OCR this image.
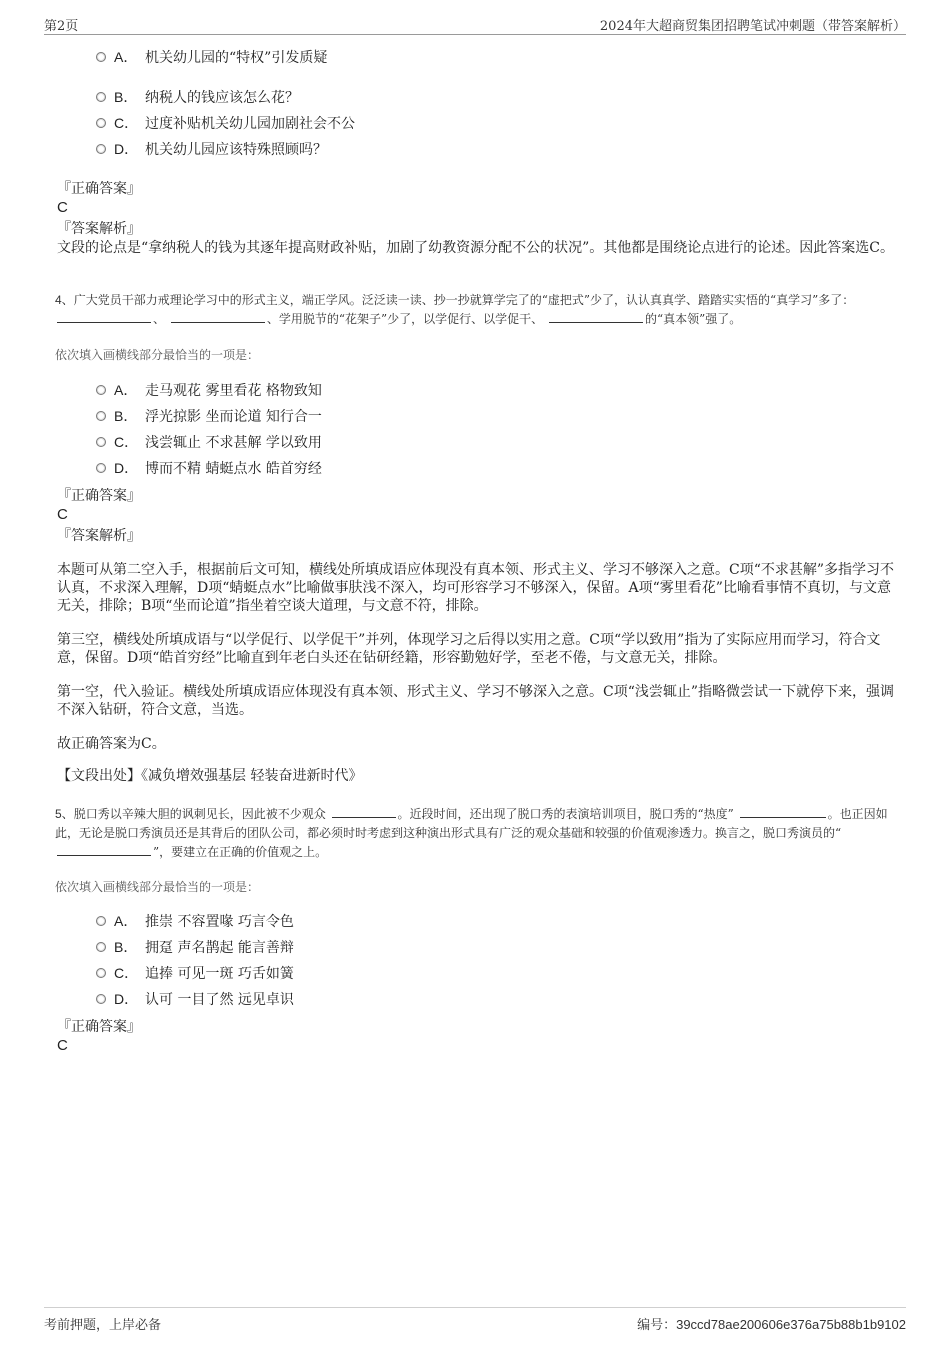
第2页	2024年大超商贸集团招聘笔试冲刺题（带答案解析）
A． 机关幼儿园的“特权”引发质疑
B． 纳税人的钱应该怎么花？
C． 过度补贴机关幼儿园加剧社会不公
D． 机关幼儿园应该特殊照顾吗？
『正确答案』
C
『答案解析』
文段的论点是“拿纳税人的钱为其逐年提高财政补贴，加剧了幼教资源分配不公的状况”。其他都是围绕论点进行的论述。因此答案选C。
4、广大党员干部力戒理论学习中的形式主义，端正学风。泛泛读一读、抄一抄就算学完了的“虚把式”少了，认认真真学、踏踏实实悟的“真学习”多了： 、	、学用脱节的“花架子”少了，以学促行、以学促干、	的“真本领”强了。
依次填入画横线部分最恰当的一项是：
A． 走马观花 雾里看花 格物致知
B． 浮光掠影 坐而论道 知行合一
C． 浅尝辄止 不求甚解 学以致用
D． 博而不精 蜻蜓点水 皓首穷经
『正确答案』
C
『答案解析』
本题可从第二空入手，根据前后文可知，横线处所填成语应体现没有真本领、形式主义、学习不够深入之意。C项“不求甚解”多指学习不认真，不求深入理解，D项“蜻蜓点水”比喻做事肤浅不深入，均可形容学习不够深入，保留。A项“雾里看花”比喻看事情不真切，与文意无关，排除；B项“坐而论道”指坐着空谈大道理，与文意不符，排除。
第三空，横线处所填成语与“以学促行、以学促干”并列，体现学习之后得以实用之意。C项“学以致用”指为了实际应用而学习，符合文意，保留。D项“皓首穷经”比喻直到年老白头还在钻研经籍，形容勤勉好学，至老不倦，与文意无关，排除。
第一空，代入验证。横线处所填成语应体现没有真本领、形式主义、学习不够深入之意。C项“浅尝辄止”指略微尝试一下就停下来，强调不深入钻研，符合文意，当选。
故正确答案为C。
【文段出处】《减负增效强基层 轻装奋进新时代》
5、脱口秀以辛辣大胆的讽刺见长，因此被不少观众	。近段时间，还出现了脱口秀的表演培训项目，脱口秀的“热度”	。也正因如此，无论是脱口秀演员还是其背后的团队公司，都必须时时考虑到这种演出形式具有广泛的观众基础和较强的价值观渗透力。换言之，脱口秀演员的“ ”，要建立在正确的价值观之上。
依次填入画横线部分最恰当的一项是：
A． 推崇 不容置喙 巧言令色
B． 拥趸 声名鹊起 能言善辩
C． 追捧 可见一斑 巧舌如簧
D． 认可 一目了然 远见卓识
『正确答案』
C
考前押题，上岸必备	编号：39ccd78ae200606e376a75b88b1b9102
